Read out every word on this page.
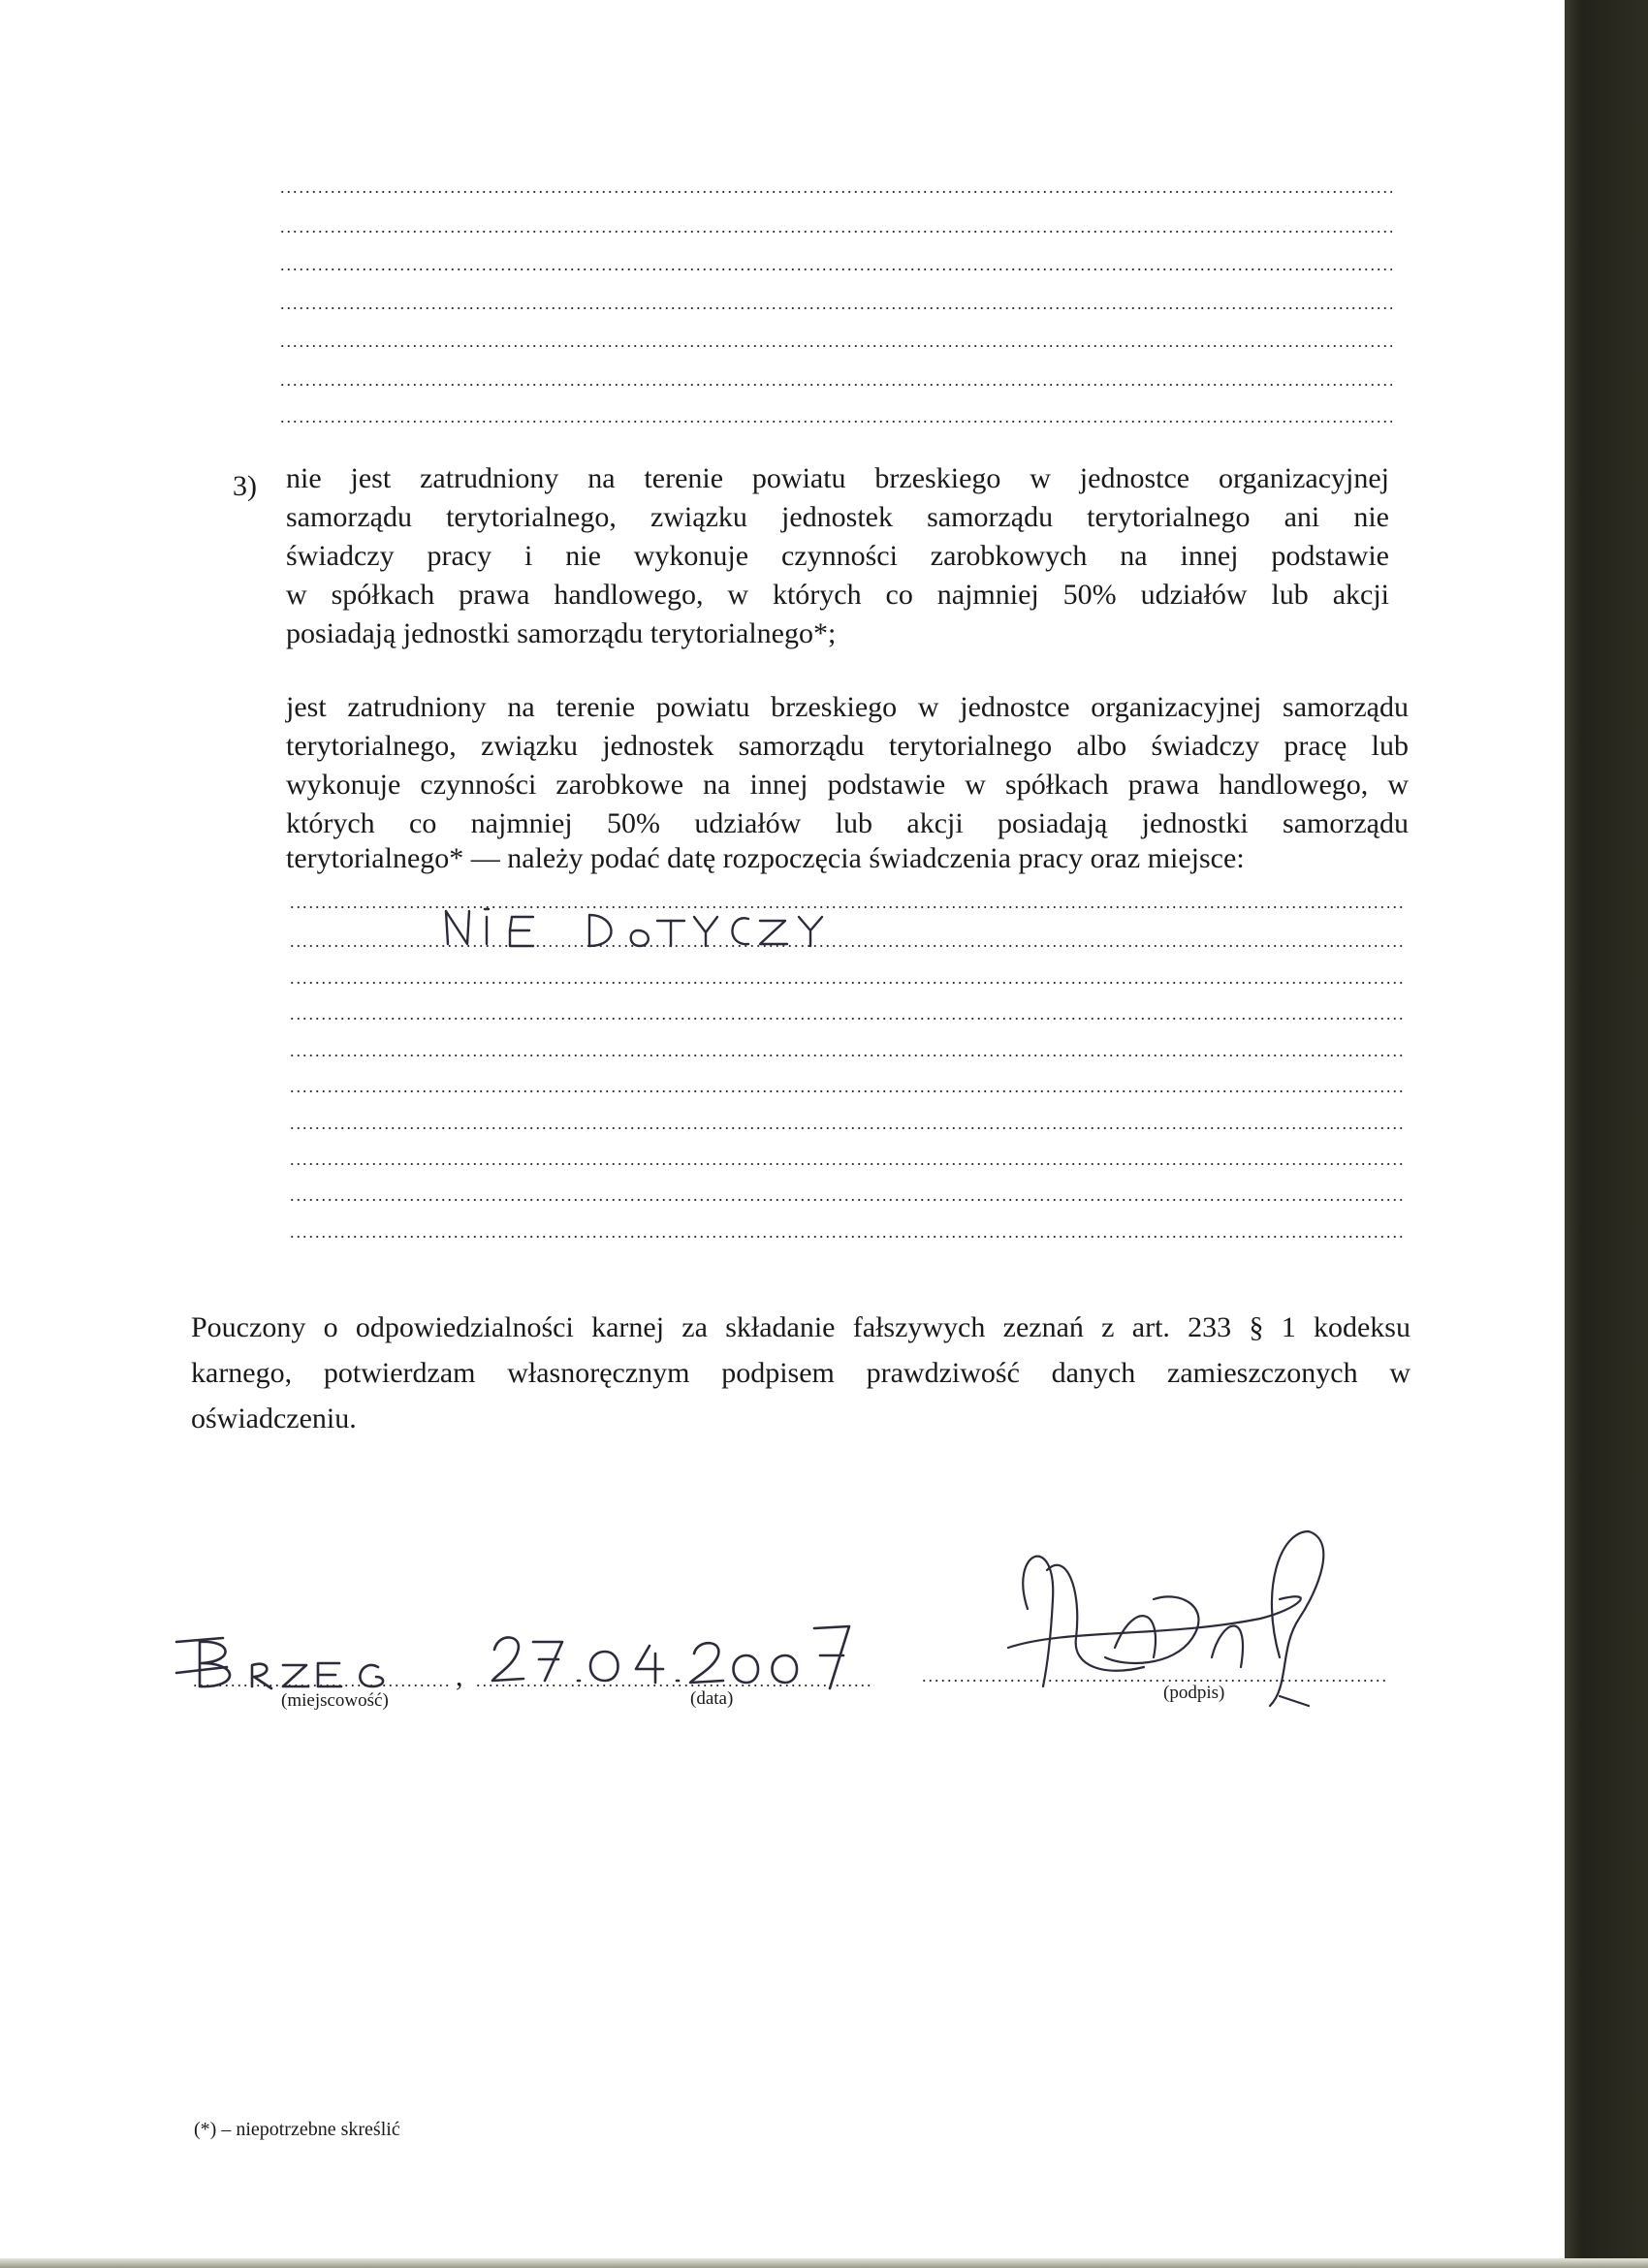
3) nie jest zatrudniony na terenie powiatu brzeskiego w jednostce organizacyjnej
samorządu terytorialnego, związku jednostek samorządu terytorialnego ani nie
świadczy pracy i nie wykonuje czynności zarobkowych na innej podstawie
w spółkach prawa handlowego, w których co najmniej 50% udziałów lub akcji
posiadają jednostki samorządu terytorialnego*;
jest zatrudniony na terenie powiatu brzeskiego w jednostce organizacyjnej samorządu
terytorialnego, związku jednostek samorządu terytorialnego albo świadczy pracę lub
wykonuje czynności zarobkowe na innej podstawie w spółkach prawa handlowego, w
których co najmniej 50% udziałów lub akcji posiadają jednostki samorządu
terytorialnego* — należy podać datę rozpoczęcia świadczenia pracy oraz miejsce:
Pouczony o odpowiedzialności karnej za składanie fałszywych zeznań z art. 233 § 1 kodeksu
karnego, potwierdzam własnoręcznym podpisem prawdziwość danych zamieszczonych w
oświadczeniu.
,
(miejscowość)	(data)	(podpis)
(*) – niepotrzebne skreślić
